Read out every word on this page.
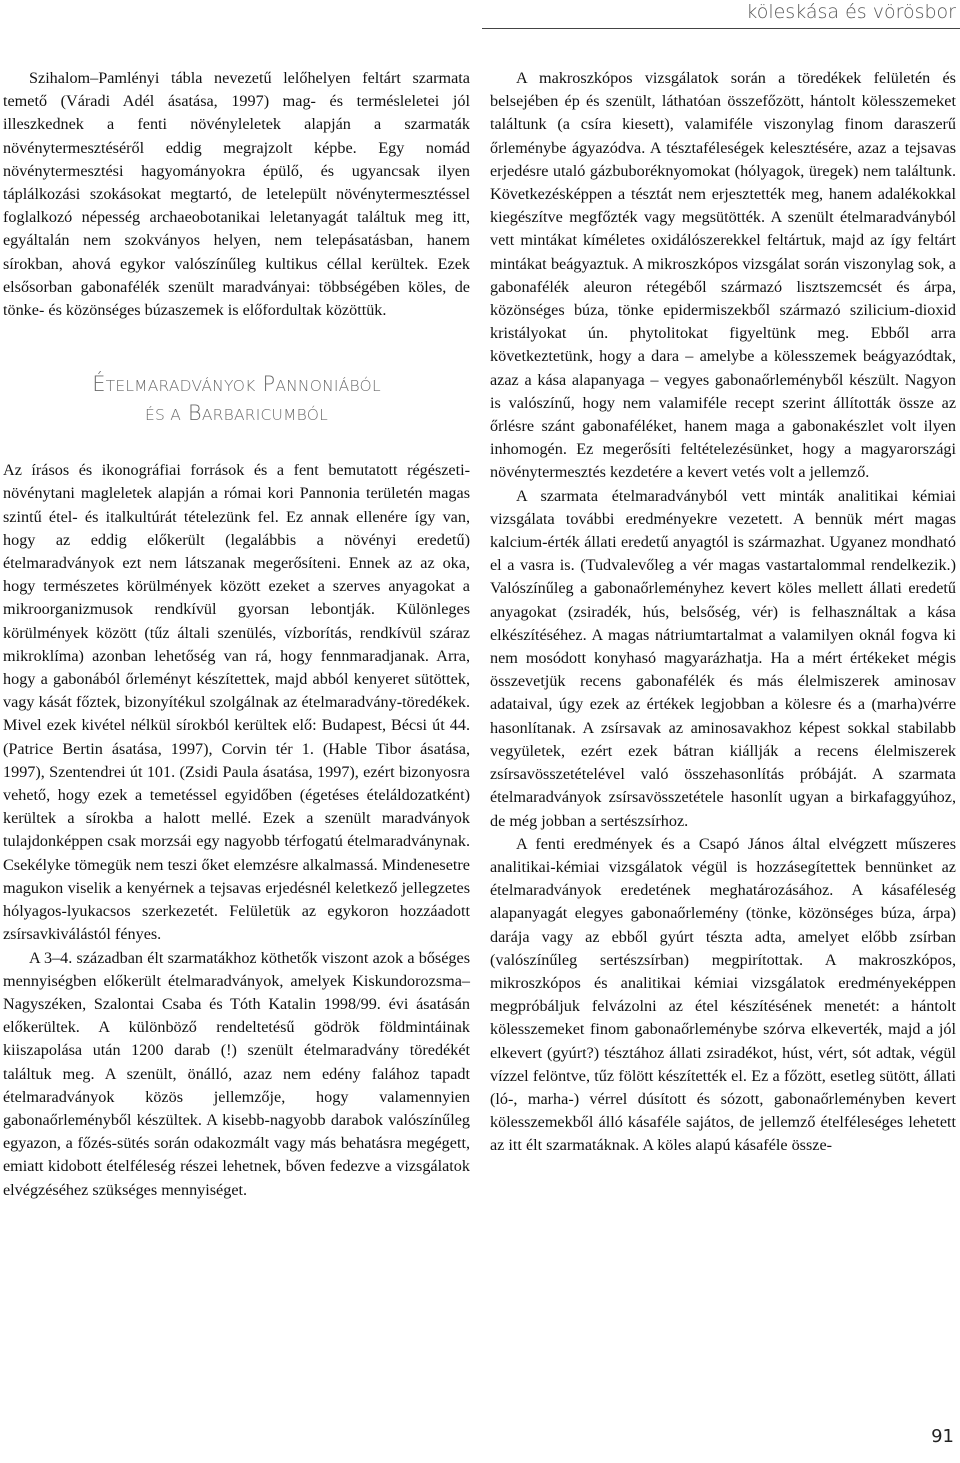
köleskása és vörösbor

Szihalom–Pamlényi tábla nevezetű lelőhelyen feltárt szarmata temető (Váradi Adél ásatása, 1997) mag- és termésleletei jól illeszkednek a fenti növényleletek alapján a szarmaták növénytermesztéséről eddig megrajzolt képbe. Egy nomád növénytermesztési hagyományokra épülő, és ugyancsak ilyen táplálkozási szokásokat megtartó, de letelepült növénytermesztéssel foglalkozó népesség archaeobotanikai leletanyagát találtuk meg itt, egyáltalán nem szokványos helyen, nem telepásatásban, hanem sírokban, ahová egykor valószínűleg kultikus céllal kerültek. Ezek elsősorban gabonafélék szenült maradványai: többségében köles, de tönke- és közönséges búzaszemek is előfordultak közöttük.

ÉTELMARADVÁNYOK PANNONIÁBÓL
ÉS A BARBARICUMBÓL

Az írásos és ikonográfiai források és a fent bemutatott régészeti-növénytani magleletek alapján a római kori Pannonia területén magas szintű étel- és italkultúrát tételezünk fel. Ez annak ellenére így van, hogy az eddig előkerült (legalábbis a növényi eredetű) ételmaradványok ezt nem látszanak megerősíteni. Ennek az az oka, hogy természetes körülmények között ezeket a szerves anyagokat a mikroorganizmusok rendkívül gyorsan lebontják. Különleges körülmények között (tűz általi szenülés, vízborítás, rendkívül száraz mikroklíma) azonban lehetőség van rá, hogy fennmaradjanak. Arra, hogy a gabonából őrleményt készítettek, majd abból kenyeret sütöttek, vagy kását főztek, bizonyítékul szolgálnak az ételmaradvány-töredékek. Mivel ezek kivétel nélkül sírokból kerültek elő: Budapest, Bécsi út 44. (Patrice Bertin ásatása, 1997), Corvin tér 1. (Hable Tibor ásatása, 1997), Szentendrei út 101. (Zsidi Paula ásatása, 1997), ezért bizonyosra vehető, hogy ezek a temetéssel egyidőben (égetéses ételáldozatként) kerültek a sírokba a halott mellé. Ezek a szenült maradványok tulajdonképpen csak morzsái egy nagyobb térfogatú ételmaradványnak. Csekélyke tömegük nem teszi őket elemzésre alkalmassá. Mindenesetre magukon viselik a kenyérnek a tejsavas erjedésnél keletkező jellegzetes hólyagos-lyukacsos szerkezetét. Felületük az egykoron hozzáadott zsírsavkiválástól fényes.

A 3–4. században élt szarmatákhoz köthetők viszont azok a bőséges mennyiségben előkerült ételmaradványok, amelyek Kiskundorozsma–Nagyszéken, Szalontai Csaba és Tóth Katalin 1998/99. évi ásatásán előkerültek. A különböző rendeltetésű gödrök földmintáinak kiiszapolása után 1200 darab (!) szenült ételmaradvány töredékét találtuk meg. A szenült, önálló, azaz nem edény falához tapadt ételmaradványok közös jellemzője, hogy valamennyien gabonaőrleményből készültek. A kisebb-nagyobb darabok valószínűleg egyazon, a főzés-sütés során odakozmált vagy más behatásra megégett, emiatt kidobott ételféleség részei lehetnek, bőven fedezve a vizsgálatok elvégzéséhez szükséges mennyiséget.

A makroszkópos vizsgálatok során a töredékek felületén és belsejében ép és szenült, láthatóan összefőzött, hántolt kölesszemeket találtunk (a csíra kiesett), valamiféle viszonylag finom daraszerű őrleménybe ágyazódva. A tésztaféleségek kelesztésére, azaz a tejsavas erjedésre utaló gázbuboréknyomokat (hólyagok, üregek) nem találtunk. Következésképpen a tésztát nem erjesztették meg, hanem adalékokkal kiegészítve megfőzték vagy megsütötték. A szenült ételmaradványból vett mintákat kíméletes oxidálószerekkel feltártuk, majd az így feltárt mintákat beágyaztuk. A mikroszkópos vizsgálat során viszonylag sok, a gabonafélék aleuron rétegéből származó lisztszemcsét és árpa, közönséges búza, tönke epidermiszekből származó szilicium-dioxid kristályokat ún. phytolitokat figyeltünk meg. Ebből arra következtetünk, hogy a dara – amelybe a kölesszemek beágyazódtak, azaz a kása alapanyaga – vegyes gabonaőrleményből készült. Nagyon is valószínű, hogy nem valamiféle recept szerint állították össze az őrlésre szánt gabonaféléket, hanem maga a gabonakészlet volt ilyen inhomogén. Ez megerősíti feltételezésünket, hogy a magyarországi növénytermesztés kezdetére a kevert vetés volt a jellemző.

A szarmata ételmaradványból vett minták analitikai kémiai vizsgálata további eredményekre vezetett. A bennük mért magas kalcium-érték állati eredetű anyagtól is származhat. Ugyanez mondható el a vasra is. (Tudvalevőleg a vér magas vastartalommal rendelkezik.) Valószínűleg a gabonaőrleményhez kevert köles mellett állati eredetű anyagokat (zsiradék, hús, belsőség, vér) is felhasználtak a kása elkészítéséhez. A magas nátriumtartalmat a valamilyen oknál fogva ki nem mosódott konyhasó magyarázhatja. Ha a mért értékeket mégis összevetjük recens gabonafélék és más élelmiszerek aminosav adataival, úgy ezek az értékek legjobban a kölesre és a (marha)vérre hasonlítanak. A zsírsavak az aminosavakhoz képest sokkal stabilabb vegyületek, ezért ezek bátran kiállják a recens élelmiszerek zsírsavösszetételével való összehasonlítás próbáját. A szarmata ételmaradványok zsírsavösszetétele hasonlít ugyan a birkafaggyúhoz, de még jobban a sertészsírhoz.

A fenti eredmények és a Csapó János által elvégzett műszeres analitikai-kémiai vizsgálatok végül is hozzásegítettek bennünket az ételmaradványok eredetének meghatározásához. A kásaféleség alapanyagát elegyes gabonaőrlemény (tönke, közönséges búza, árpa) darája vagy az ebből gyúrt tészta adta, amelyet előbb zsírban (valószínűleg sertészsírban) megpirítottak. A makroszkópos, mikroszkópos és analitikai kémiai vizsgálatok eredményeképpen megpróbáljuk felvázolni az étel készítésének menetét: a hántolt kölesszemeket finom gabonaőrleménybe szórva elkeverték, majd a jól elkevert (gyúrt?) tésztához állati zsiradékot, húst, vért, sót adtak, végül vízzel felöntve, tűz fölött készítették el. Ez a főzött, esetleg sütött, állati (ló-, marha-) vérrel dúsított és sózott, gabonaőrleményben kevert kölesszemekből álló kásaféle sajátos, de jellemző ételféleséges lehetett az itt élt szarmatáknak. A köles alapú kásaféle össze-

91
